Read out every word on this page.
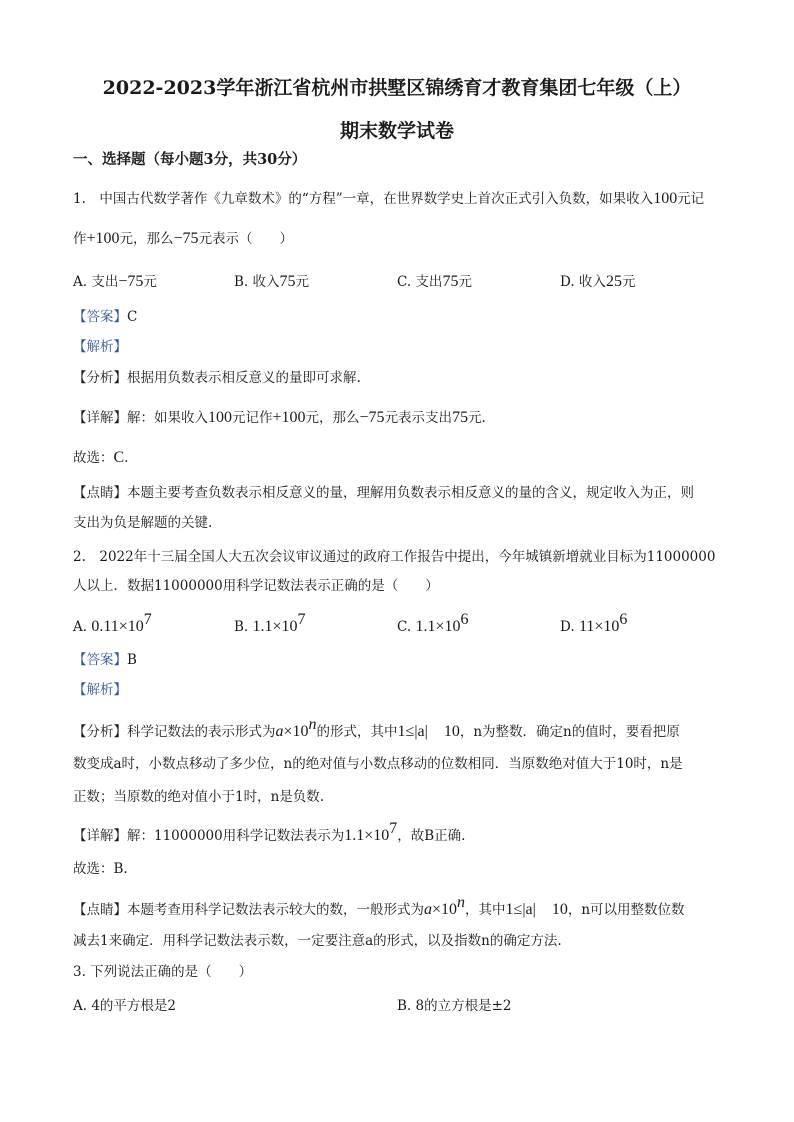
2022-2023学年浙江省杭州市拱墅区锦绣育才教育集团七年级（上）
期末数学试卷
一、选择题（每小题3分，共30分）
1.　中国古代数学著作《九章数术》的“方程”一章，在世界数学史上首次正式引入负数，如果收入100元记
作+100元，那么−75元表示（　　）
A. 支出−75元	B. 收入75元	C. 支出75元	D. 收入25元
【答案】C
【解析】
【分析】根据用负数表示相反意义的量即可求解.
【详解】解：如果收入100元记作+100元，那么−75元表示支出75元.
故选：C.
【点睛】本题主要考查负数表示相反意义的量，理解用负数表示相反意义的量的含义，规定收入为正，则
支出为负是解题的关键.
2.　2022年十三届全国人大五次会议审议通过的政府工作报告中提出，今年城镇新增就业目标为11000000
人以上．数据11000000用科学记数法表示正确的是（　　）
A. $0.11\times 10^7$	B. $1.1\times 10^7$	C. $1.1\times 10^6$	D. $11\times 10^6$
【答案】B
【解析】
【分析】科学记数法的表示形式为$a\times 10^n$的形式，其中1≤|a|　10，n为整数．确定n的值时，要看把原
数变成a时，小数点移动了多少位，n的绝对值与小数点移动的位数相同．当原数绝对值大于10时，n是
正数；当原数的绝对值小于1时，n是负数.
【详解】解：11000000用科学记数法表示为$1.1\times 10^7$，故B正确.
故选：B.
【点睛】本题考查用科学记数法表示较大的数，一般形式为$a\times 10^n$，其中1≤|a|　10，n可以用整数位数
减去1来确定．用科学记数法表示数，一定要注意a的形式，以及指数n的确定方法.
3. 下列说法正确的是（　　）
A. 4的平方根是2	B. 8的立方根是±2
